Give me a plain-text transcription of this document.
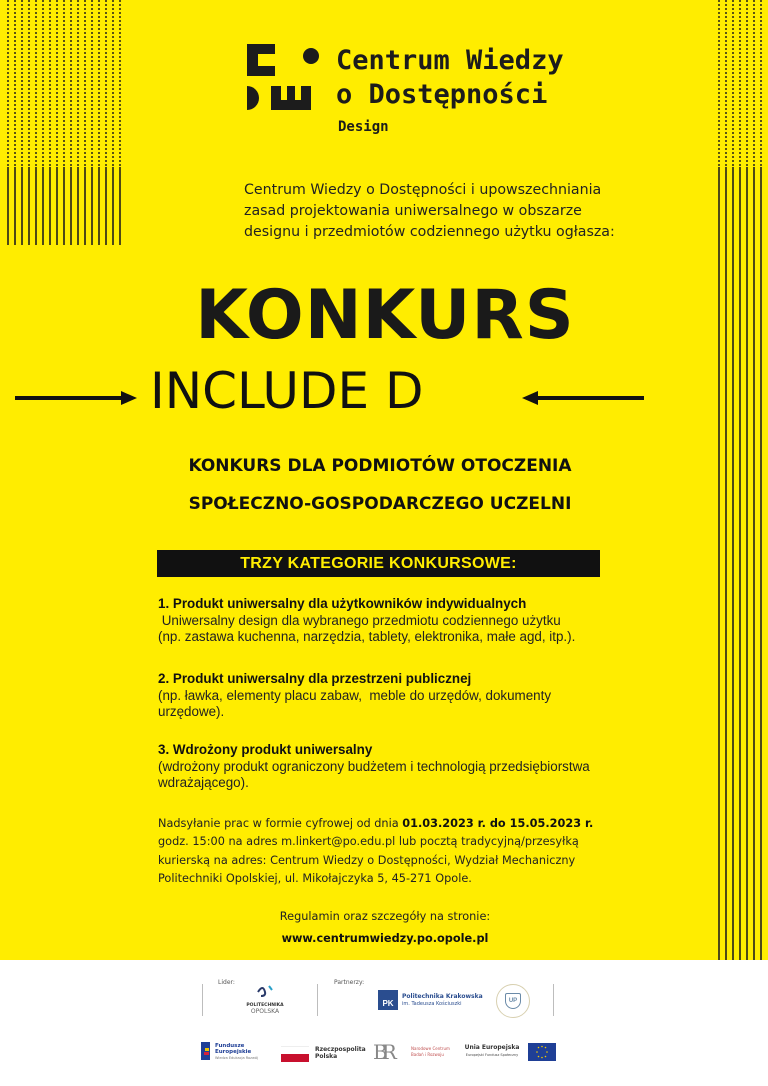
Centrum Wiedzy
o Dostępności
Design
Centrum Wiedzy o Dostępności i upowszechniania
zasad projektowania uniwersalnego w obszarze
designu i przedmiotów codziennego użytku ogłasza:
KONKURS
INCLUDE D
KONKURS DLA PODMIOTÓW OTOCZENIA
SPOŁECZNO-GOSPODARCZEGO UCZELNI
TRZY KATEGORIE KONKURSOWE:
1. Produkt uniwersalny dla użytkowników indywidualnych
Uniwersalny design dla wybranego przedmiotu codziennego użytku
(np. zastawa kuchenna, narzędzia, tablety, elektronika, małe agd, itp.).
2. Produkt uniwersalny dla przestrzeni publicznej
(np. ławka, elementy placu zabaw,  meble do urzędów, dokumenty
urzędowe).
3. Wdrożony produkt uniwersalny
(wdrożony produkt ograniczony budżetem i technologią przedsiębiorstwa
wdrażającego).
Nadsyłanie prac w formie cyfrowej od dnia 01.03.2023 r. do 15.05.2023 r. godz. 15:00 na adres m.linkert@po.edu.pl lub pocztą tradycyjną/przesyłką kurierską na adres: Centrum Wiedzy o Dostępności, Wydział Mechaniczny Politechniki Opolskiej, ul. Mikołajczyka 5, 45-271 Opole.
Regulamin oraz szczegóły na stronie:
www.centrumwiedzy.po.opole.pl
Lider:
POLITECHNIKA
OPOLSKA
Partnerzy:
PK
Politechnika Krakowska
im. Tadeusza Kościuszki	UP
Fundusze Europejskie
Wiedza Edukacja Rozwój
Rzeczpospolita Polska	BR	Narodowe Centrum Badań i Rozwoju
Unia Europejska
Europejski Fundusz Społeczny
